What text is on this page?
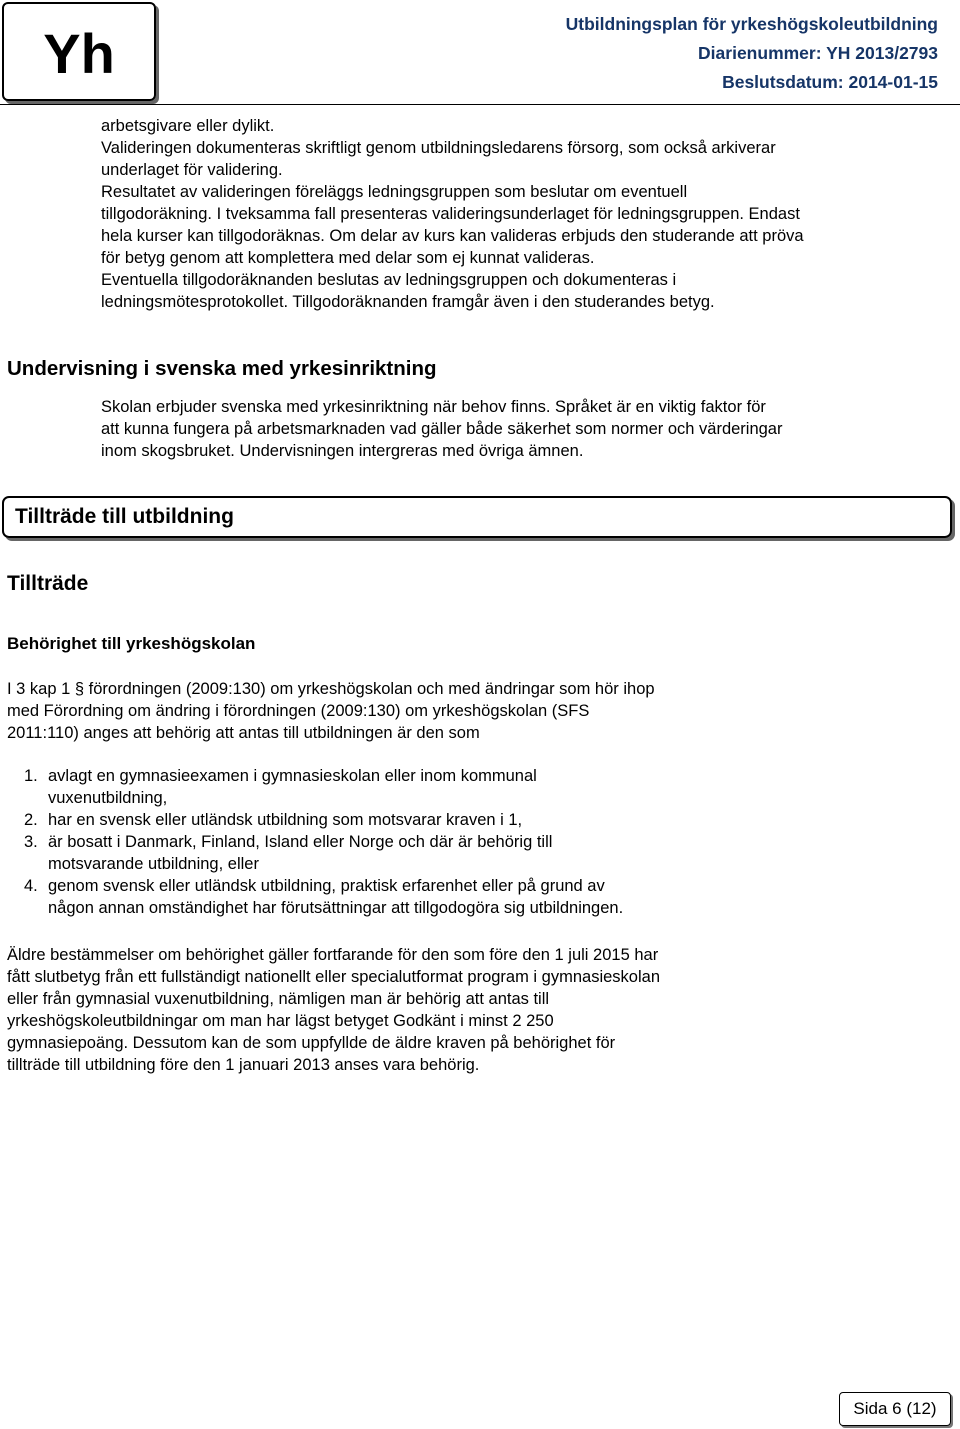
Yh	Utbildningsplan för yrkeshögskoleutbildning
Diarienummer: YH 2013/2793
Beslutsdatum: 2014-01-15
arbetsgivare eller dylikt.
Valideringen dokumenteras skriftligt genom utbildningsledarens försorg, som också arkiverar
underlaget för validering.
Resultatet av valideringen föreläggs ledningsgruppen som beslutar om eventuell
tillgodoräkning. I tveksamma fall presenteras valideringsunderlaget för ledningsgruppen. Endast
hela kurser kan tillgodoräknas. Om delar av kurs kan valideras erbjuds den studerande att pröva
för betyg genom att komplettera med delar som ej kunnat valideras.
Eventuella tillgodoräknanden beslutas av ledningsgruppen och dokumenteras i
ledningsmötesprotokollet. Tillgodoräknanden framgår även i den studerandes betyg.
Undervisning i svenska med yrkesinriktning
Skolan erbjuder svenska med yrkesinriktning när behov finns. Språket är en viktig faktor för
att kunna fungera på arbetsmarknaden vad gäller både säkerhet som normer och värderingar
inom skogsbruket. Undervisningen intergreras med övriga ämnen.
Tillträde till utbildning
Tillträde
Behörighet till yrkeshögskolan
I 3 kap 1 § förordningen (2009:130) om yrkeshögskolan och med ändringar som hör ihop
med Förordning om ändring i förordningen (2009:130) om yrkeshögskolan (SFS
2011:110) anges att behörig att antas till utbildningen är den som
1. avlagt en gymnasieexamen i gymnasieskolan eller inom kommunal
vuxenutbildning,
2. har en svensk eller utländsk utbildning som motsvarar kraven i 1,
3. är bosatt i Danmark, Finland, Island eller Norge och där är behörig till
motsvarande utbildning, eller
4. genom svensk eller utländsk utbildning, praktisk erfarenhet eller på grund av
någon annan omständighet har förutsättningar att tillgodogöra sig utbildningen.
Äldre bestämmelser om behörighet gäller fortfarande för den som före den 1 juli 2015 har
fått slutbetyg från ett fullständigt nationellt eller specialutformat program i gymnasieskolan
eller från gymnasial vuxenutbildning, nämligen man är behörig att antas till
yrkeshögskoleutbildningar om man har lägst betyget Godkänt i minst 2 250
gymnasiepoäng. Dessutom kan de som uppfyllde de äldre kraven på behörighet för
tillträde till utbildning före den 1 januari 2013 anses vara behörig.
Sida 6 (12)
